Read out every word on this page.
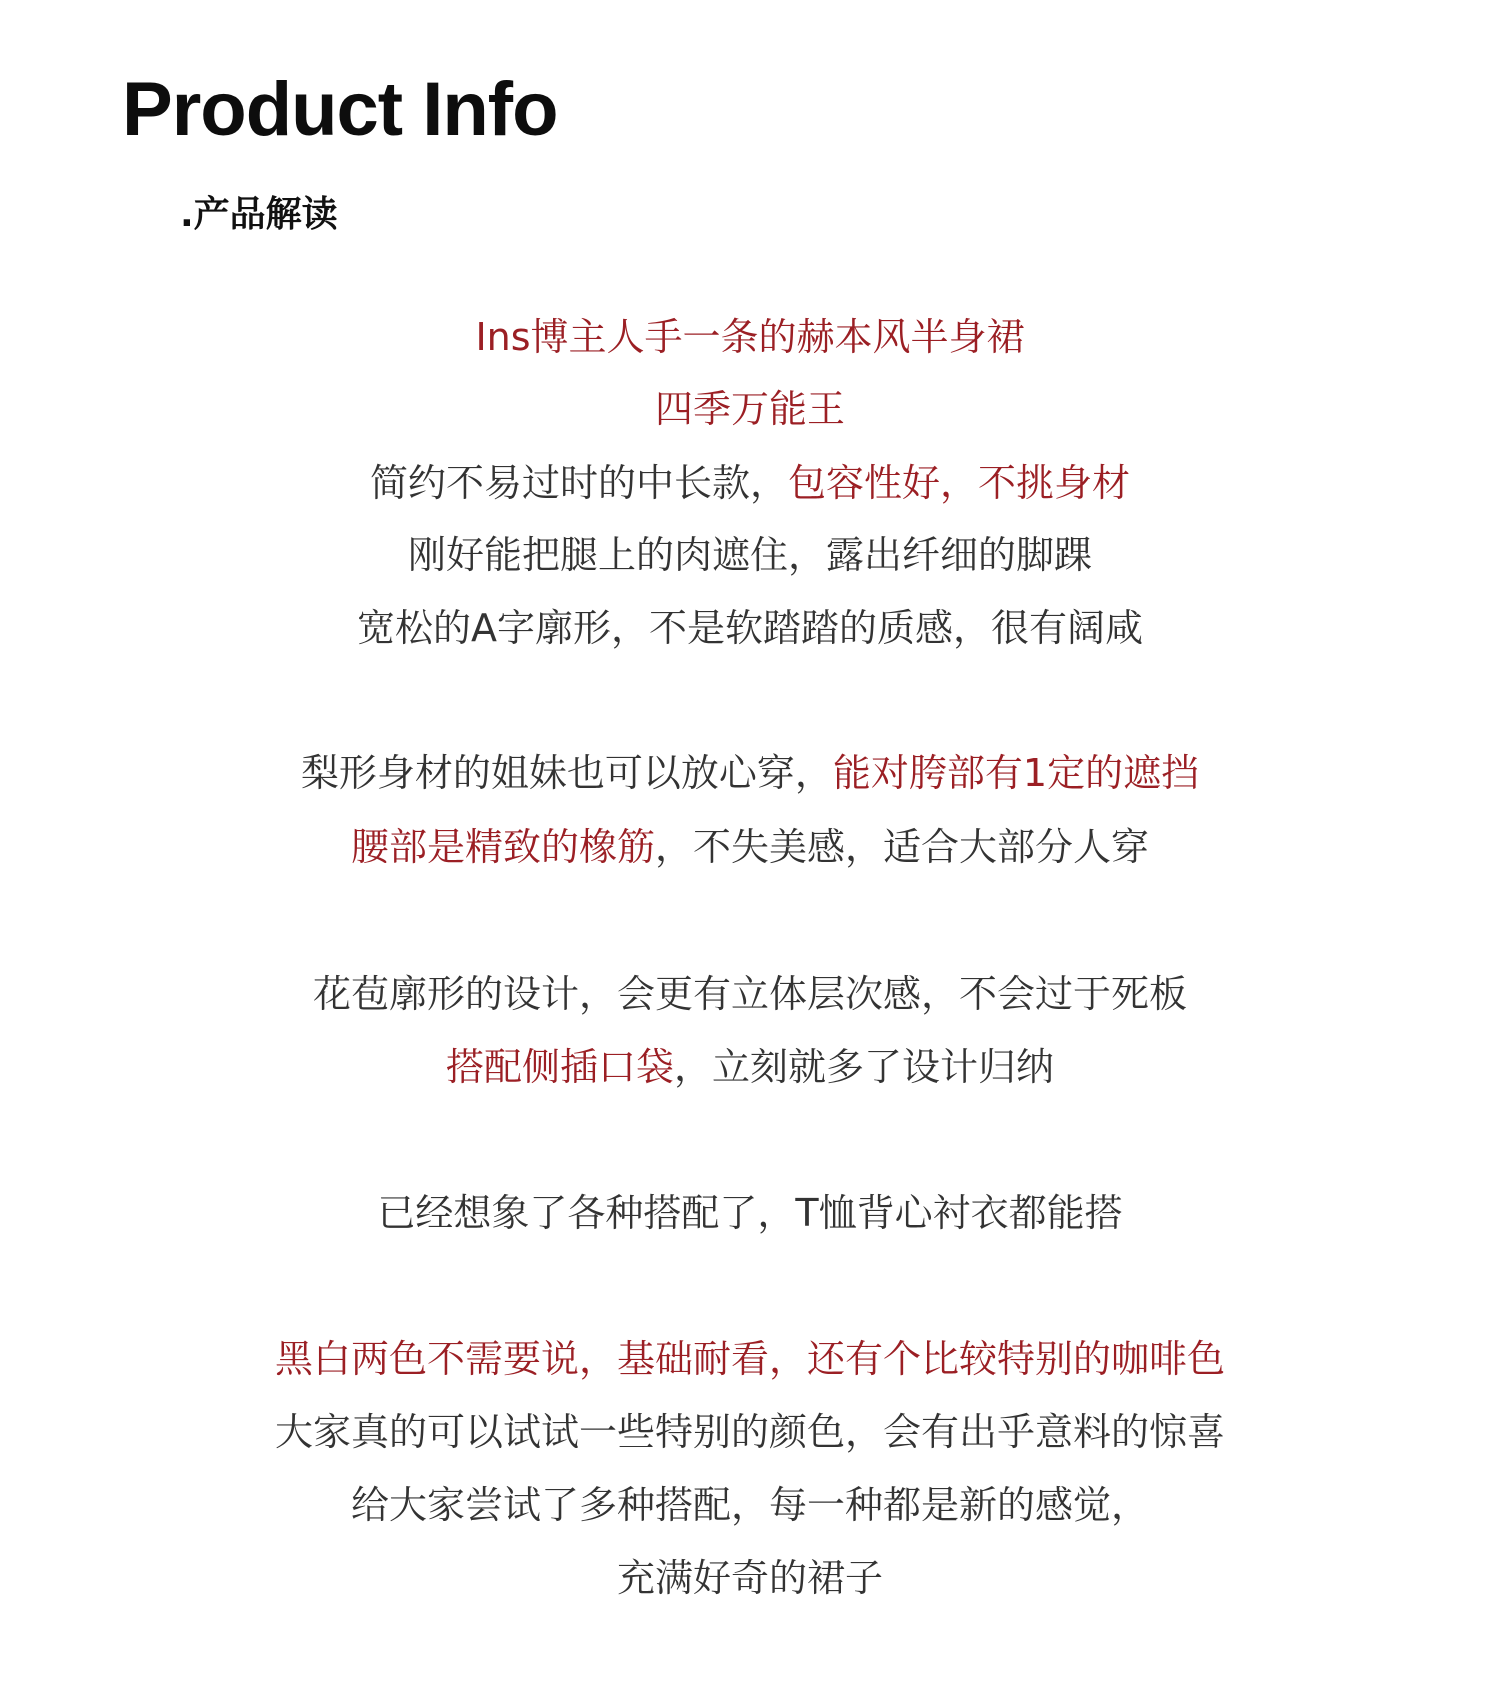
Product Info
.产品解读
Ins博主人手一条的赫本风半身裙
四季万能王
简约不易过时的中长款，包容性好，不挑身材
刚好能把腿上的肉遮住，露出纤细的脚踝
宽松的A字廓形，不是软踏踏的质感，很有阔咸
梨形身材的姐妹也可以放心穿，能对胯部有1定的遮挡
腰部是精致的橡筋，不失美感，适合大部分人穿
花苞廓形的设计，会更有立体层次感，不会过于死板
搭配侧插口袋，立刻就多了设计归纳
已经想象了各种搭配了，T恤背心衬衣都能搭
黑白两色不需要说，基础耐看，还有个比较特别的咖啡色
大家真的可以试试一些特别的颜色，会有出乎意料的惊喜
给大家尝试了多种搭配，每一种都是新的感觉，
充满好奇的裙子
